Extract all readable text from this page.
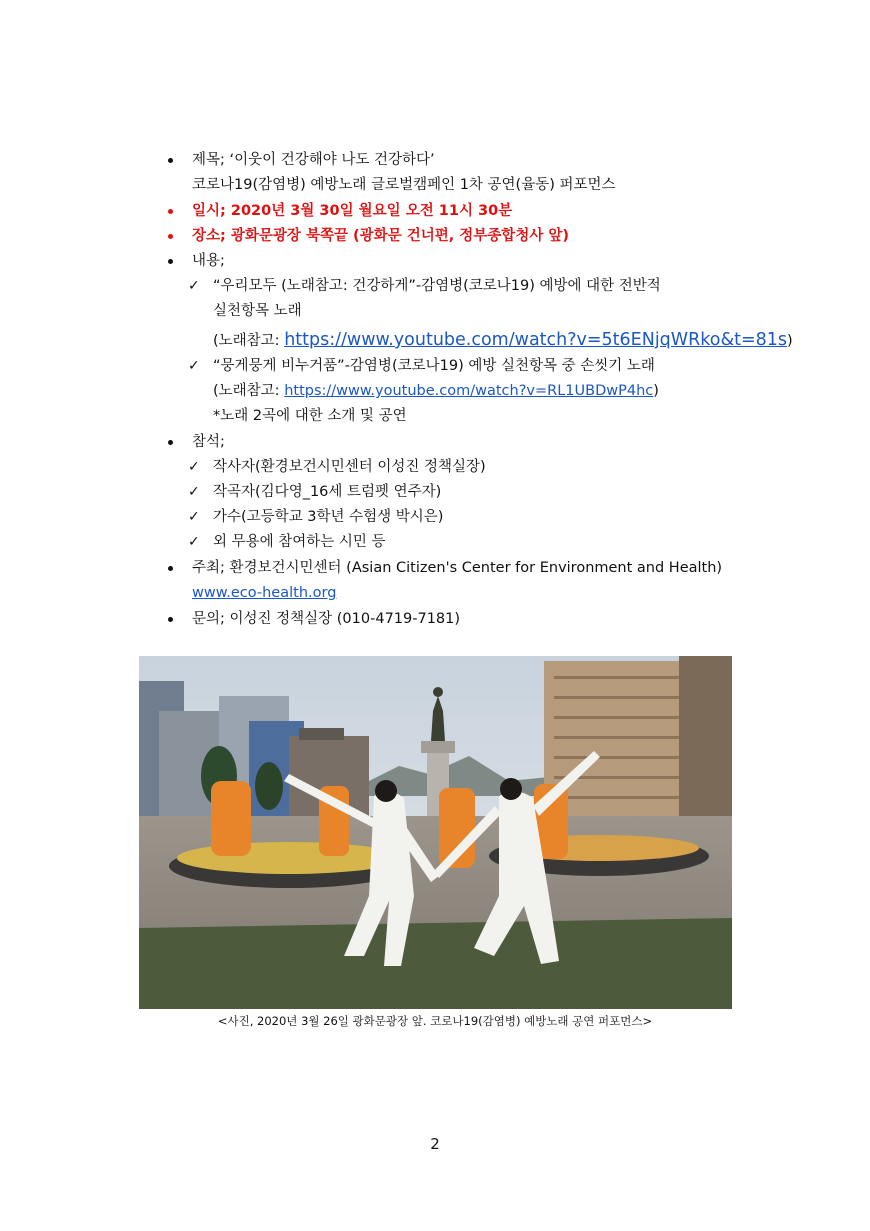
제목; ‘이웃이 건강해야 나도 건강하다’
코로나19(감염병) 예방노래 글로벌캠페인 1차 공연(율동) 퍼포먼스
일시; 2020년 3월 30일 월요일 오전 11시 30분
장소; 광화문광장 북쪽끝 (광화문 건너편, 정부종합청사 앞)
내용;
✓ “우리모두 (노래참고: 건강하게”-감염병(코로나19) 예방에 대한 전반적
실천항목 노래
(노래참고: https://www.youtube.com/watch?v=5t6ENjqWRko&t=81s)
✓ “뭉게뭉게 비누거품”-감염병(코로나19) 예방 실천항목 중 손씻기 노래
(노래참고: https://www.youtube.com/watch?v=RL1UBDwP4hc)
*노래 2곡에 대한 소개 및 공연
참석;
✓ 작사자(환경보건시민센터 이성진 정책실장)
✓ 작곡자(김다영_16세 트럼펫 연주자)
✓ 가수(고등학교 3학년 수험생 박시은)
✓ 외 무용에 참여하는 시민 등
주최; 환경보건시민센터 (Asian Citizen's Center for Environment and Health)
www.eco-health.org
문의; 이성진 정책실장 (010-4719-7181)
<사진, 2020년 3월 26일 광화문광장 앞. 코로나19(감염병) 예방노래 공연 퍼포먼스>
2
